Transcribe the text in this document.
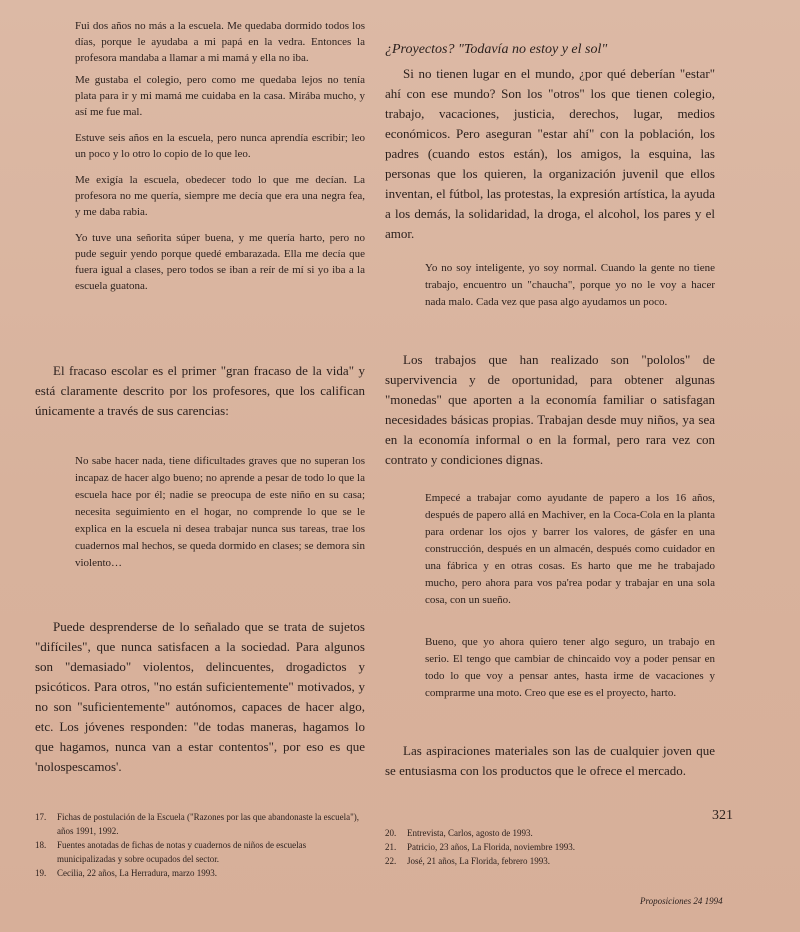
Fui dos años no más a la escuela. Me quedaba dormido todos los días, porque le ayudaba a mi papá en la vedra. Entonces la profesora mandaba a llamar a mi mamá y ella no iba.

Me gustaba el colegio, pero como me quedaba lejos no tenía plata para ir y mi mamá me cuidaba en la casa. Mirába mucho, y así me fue mal.

Estuve seis años en la escuela, pero nunca aprendía escribir; leo un poco y lo otro lo copio de lo que leo.

Me exigía la escuela, obedecer todo lo que me decían. La profesora no me quería, siempre me decía que era una negra fea, y me daba rabia.

Yo tuve una señorita súper buena, y me quería harto, pero no pude seguir yendo porque quedé embarazada. Ella me decía que fuera igual a clases, pero todos se iban a reír de mí si yo iba a la escuela guatona.

El fracaso escolar es el primer "gran fracaso de la vida" y está claramente descrito por los profesores, que los califican únicamente a través de sus carencias:

No sabe hacer nada, tiene dificultades graves que no superan los incapaz de hacer algo bueno; no aprende a pesar de todo lo que la escuela hace por él; nadie se preocupa de este niño en su casa; necesita seguimiento en el hogar, no comprende lo que se le explica en la escuela ni desea trabajar nunca sus tareas, trae los cuadernos mal hechos, se queda dormido en clases; se demora sin violento…

Puede desprenderse de lo señalado que se trata de sujetos "difíciles", que nunca satisfacen a la sociedad. Para algunos son "demasiado" violentos, delincuentes, drogadictos y psicóticos. Para otros, "no están suficientemente" motivados, y no son "suficientemente" autónomos, capaces de hacer algo, etc. Los jóvenes responden: "de todas maneras, hagamos lo que hagamos, nunca van a estar contentos", por eso es que 'nolospescamos'.

17.	Fichas de postulación de la Escuela ("Razones por las que abandonaste la escuela"), años 1991, 1992.
18.	Fuentes anotadas de fichas de notas y cuadernos de niños de escuelas municipalizadas y sobre ocupados del sector.
19.	Cecilia, 22 años, La Herradura, marzo 1993.
¿Proyectos? "Todavía no estoy y el sol"

Si no tienen lugar en el mundo, ¿por qué deberían "estar" ahí con ese mundo? Son los "otros" los que tienen colegio, trabajo, vacaciones, justicia, derechos, lugar, medios económicos. Pero aseguran "estar ahí" con la población, los padres (cuando estos están), los amigos, la esquina, las personas que los quieren, la organización juvenil que ellos inventan, el fútbol, las protestas, la expresión artística, la ayuda a los demás, la solidaridad, la droga, el alcohol, los pares y el amor.

Yo no soy inteligente, yo soy normal. Cuando la gente no tiene trabajo, encuentro un "chaucha", porque yo no le voy a hacer nada malo. Cada vez que pasa algo ayudamos un poco.

Los trabajos que han realizado son "pololos" de supervivencia y de oportunidad, para obtener algunas "monedas" que aporten a la economía familiar o satisfagan necesidades básicas propias. Trabajan desde muy niños, ya sea en la economía informal o en la formal, pero rara vez con contrato y condiciones dignas.

Empecé a trabajar como ayudante de papero a los 16 años, después de papero allá en Machiver, en la Coca-Cola en la planta para ordenar los ojos y barrer los valores, de gásfer en una construcción, después en un almacén, después como cuidador en una fábrica y en otras cosas. Es harto que me he trabajado mucho, pero ahora para vos pa'rea podar y trabajar en una sola cosa, con un sueño.

Bueno, que yo ahora quiero tener algo seguro, un trabajo en serio. El tengo que cambiar de chincaido voy a poder pensar en todo lo que voy a pensar antes, hasta irme de vacaciones y comprarme una moto. Creo que ese es el proyecto, harto.

Las aspiraciones materiales son las de cualquier joven que se entusiasma con los productos que le ofrece el mercado.

20.	Entrevista, Carlos, agosto de 1993.
21.	Patricio, 23 años, La Florida, noviembre 1993.
22.	José, 21 años, La Florida, febrero 1993.
321
Proposiciones 24 1994
